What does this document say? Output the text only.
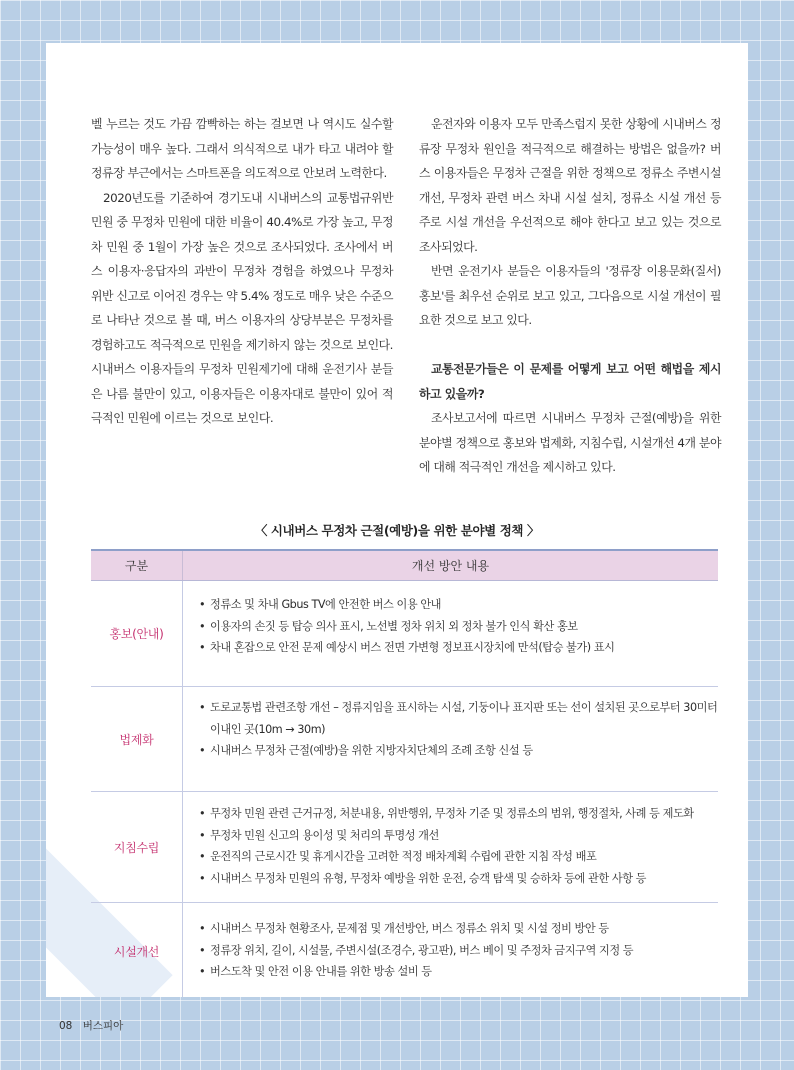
벨 누르는 것도 가끔 깜빡하는 하는 걸보면 나 역시도 실수할 가능성이 매우 높다. 그래서 의식적으로 내가 타고 내려야 할 정류장 부근에서는 스마트폰을 의도적으로 안보려 노력한다.

2020년도를 기준하여 경기도내 시내버스의 교통법규위반 민원 중 무정차 민원에 대한 비율이 40.4%로 가장 높고, 무정차 민원 중 1월이 가장 높은 것으로 조사되었다. 조사에서 버스 이용자·응답자의 과반이 무정차 경험을 하였으나 무정차 위반 신고로 이어진 경우는 약 5.4% 정도로 매우 낮은 수준으로 나타난 것으로 볼 때, 버스 이용자의 상당부분은 무정차를 경험하고도 적극적으로 민원을 제기하지 않는 것으로 보인다. 시내버스 이용자들의 무정차 민원제기에 대해 운전기사 분들은 나름 불만이 있고, 이용자들은 이용자대로 불만이 있어 적극적인 민원에 이르는 것으로 보인다.

운전자와 이용자 모두 만족스럽지 못한 상황에 시내버스 정류장 무정차 원인을 적극적으로 해결하는 방법은 없을까? 버스 이용자들은 무정차 근절을 위한 정책으로 정류소 주변시설 개선, 무정차 관련 버스 차내 시설 설치, 정류소 시설 개선 등 주로 시설 개선을 우선적으로 해야 한다고 보고 있는 것으로 조사되었다.

반면 운전기사 분들은 이용자들의 '정류장 이용문화(질서) 홍보'를 최우선 순위로 보고 있고, 그다음으로 시설 개선이 필요한 것으로 보고 있다.

교통전문가들은 이 문제를 어떻게 보고 어떤 해법을 제시하고 있을까?

조사보고서에 따르면 시내버스 무정차 근절(예방)을 위한 분야별 정책으로 홍보와 법제화, 지침수립, 시설개선 4개 분야에 대해 적극적인 개선을 제시하고 있다.

〈 시내버스 무정차 근절(예방)을 위한 분야별 정책 〉
구분	개선 방안 내용
홍보(안내)
• 정류소 및 차내 Gbus TV에 안전한 버스 이용 안내
• 이용자의 손짓 등 탑승 의사 표시, 노선별 정차 위치 외 정차 불가 인식 확산 홍보
• 차내 혼잡으로 안전 문제 예상시 버스 전면 가변형 정보표시장치에 만석(탑승 불가) 표시
법제화
• 도로교통법 관련조항 개선 – 정류지임을 표시하는 시설, 기둥이나 표지판 또는 선이 설치된 곳으로부터 30미터 이내인 곳(10m → 30m)
• 시내버스 무정차 근절(예방)을 위한 지방자치단체의 조례 조항 신설 등
지침수립
• 무정차 민원 관련 근거규정, 처분내용, 위반행위, 무정차 기준 및 정류소의 범위, 행정절차, 사례 등 제도화
• 무정차 민원 신고의 용이성 및 처리의 투명성 개선
• 운전직의 근로시간 및 휴게시간을 고려한 적정 배차계획 수립에 관한 지침 작성 배포
• 시내버스 무정차 민원의 유형, 무정차 예방을 위한 운전, 승객 탐색 및 승하차 등에 관한 사항 등
시설개선
• 시내버스 무정차 현황조사, 문제점 및 개선방안, 버스 정류소 위치 및 시설 정비 방안 등
• 정류장 위치, 길이, 시설물, 주변시설(조경수, 광고판), 버스 베이 및 주정차 금지구역 지정 등
• 버스도착 및 안전 이용 안내를 위한 방송 설비 등
08 버스피아
